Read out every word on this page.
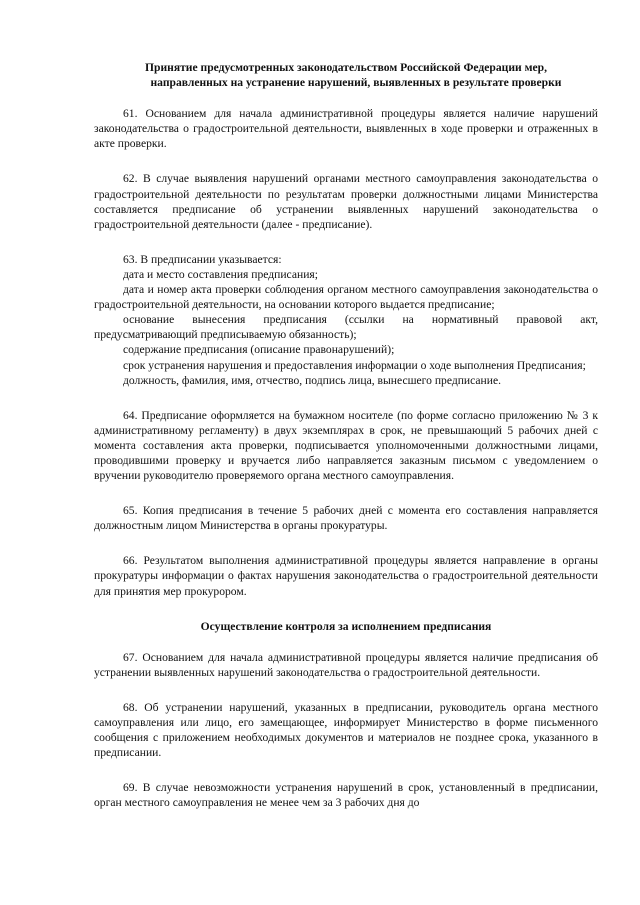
Принятие предусмотренных законодательством Российской Федерации мер,
направленных на устранение нарушений, выявленных в результате проверки

61. Основанием для начала административной процедуры является наличие нарушений законодательства о градостроительной деятельности, выявленных в ходе проверки и отраженных в акте проверки.

62. В случае выявления нарушений органами местного самоуправления законодательства о градостроительной деятельности по результатам проверки должностными лицами Министерства составляется предписание об устранении выявленных нарушений законодательства о градостроительной деятельности (далее - предписание).

63. В предписании указывается:

дата и место составления предписания;

дата и номер акта проверки соблюдения органом местного самоуправления законодательства о градостроительной деятельности, на основании которого выдается предписание;

основание вынесения предписания (ссылки на нормативный правовой акт, предусматривающий предписываемую обязанность);

содержание предписания (описание правонарушений);

срок устранения нарушения и предоставления информации о ходе выполнения Предписания;

должность, фамилия, имя, отчество, подпись лица, вынесшего предписание.

64. Предписание оформляется на бумажном носителе (по форме согласно приложению № 3 к административному регламенту) в двух экземплярах в срок, не превышающий 5 рабочих дней с момента составления акта проверки, подписывается уполномоченными должностными лицами, проводившими проверку и вручается либо направляется заказным письмом с уведомлением о вручении руководителю проверяемого органа местного самоуправления.

65. Копия предписания в течение 5 рабочих дней с момента его составления направляется должностным лицом Министерства в органы прокуратуры.

66. Результатом выполнения административной процедуры является направление в органы прокуратуры информации о фактах нарушения законодательства о градостроительной деятельности для принятия мер прокурором.

Осуществление контроля за исполнением предписания

67. Основанием для начала административной процедуры является наличие предписания об устранении выявленных нарушений законодательства о градостроительной деятельности.

68. Об устранении нарушений, указанных в предписании, руководитель органа местного самоуправления или лицо, его замещающее, информирует Министерство в форме письменного сообщения с приложением необходимых документов и материалов не позднее срока, указанного в предписании.

69. В случае невозможности устранения нарушений в срок, установленный в предписании, орган местного самоуправления не менее чем за 3 рабочих дня до
